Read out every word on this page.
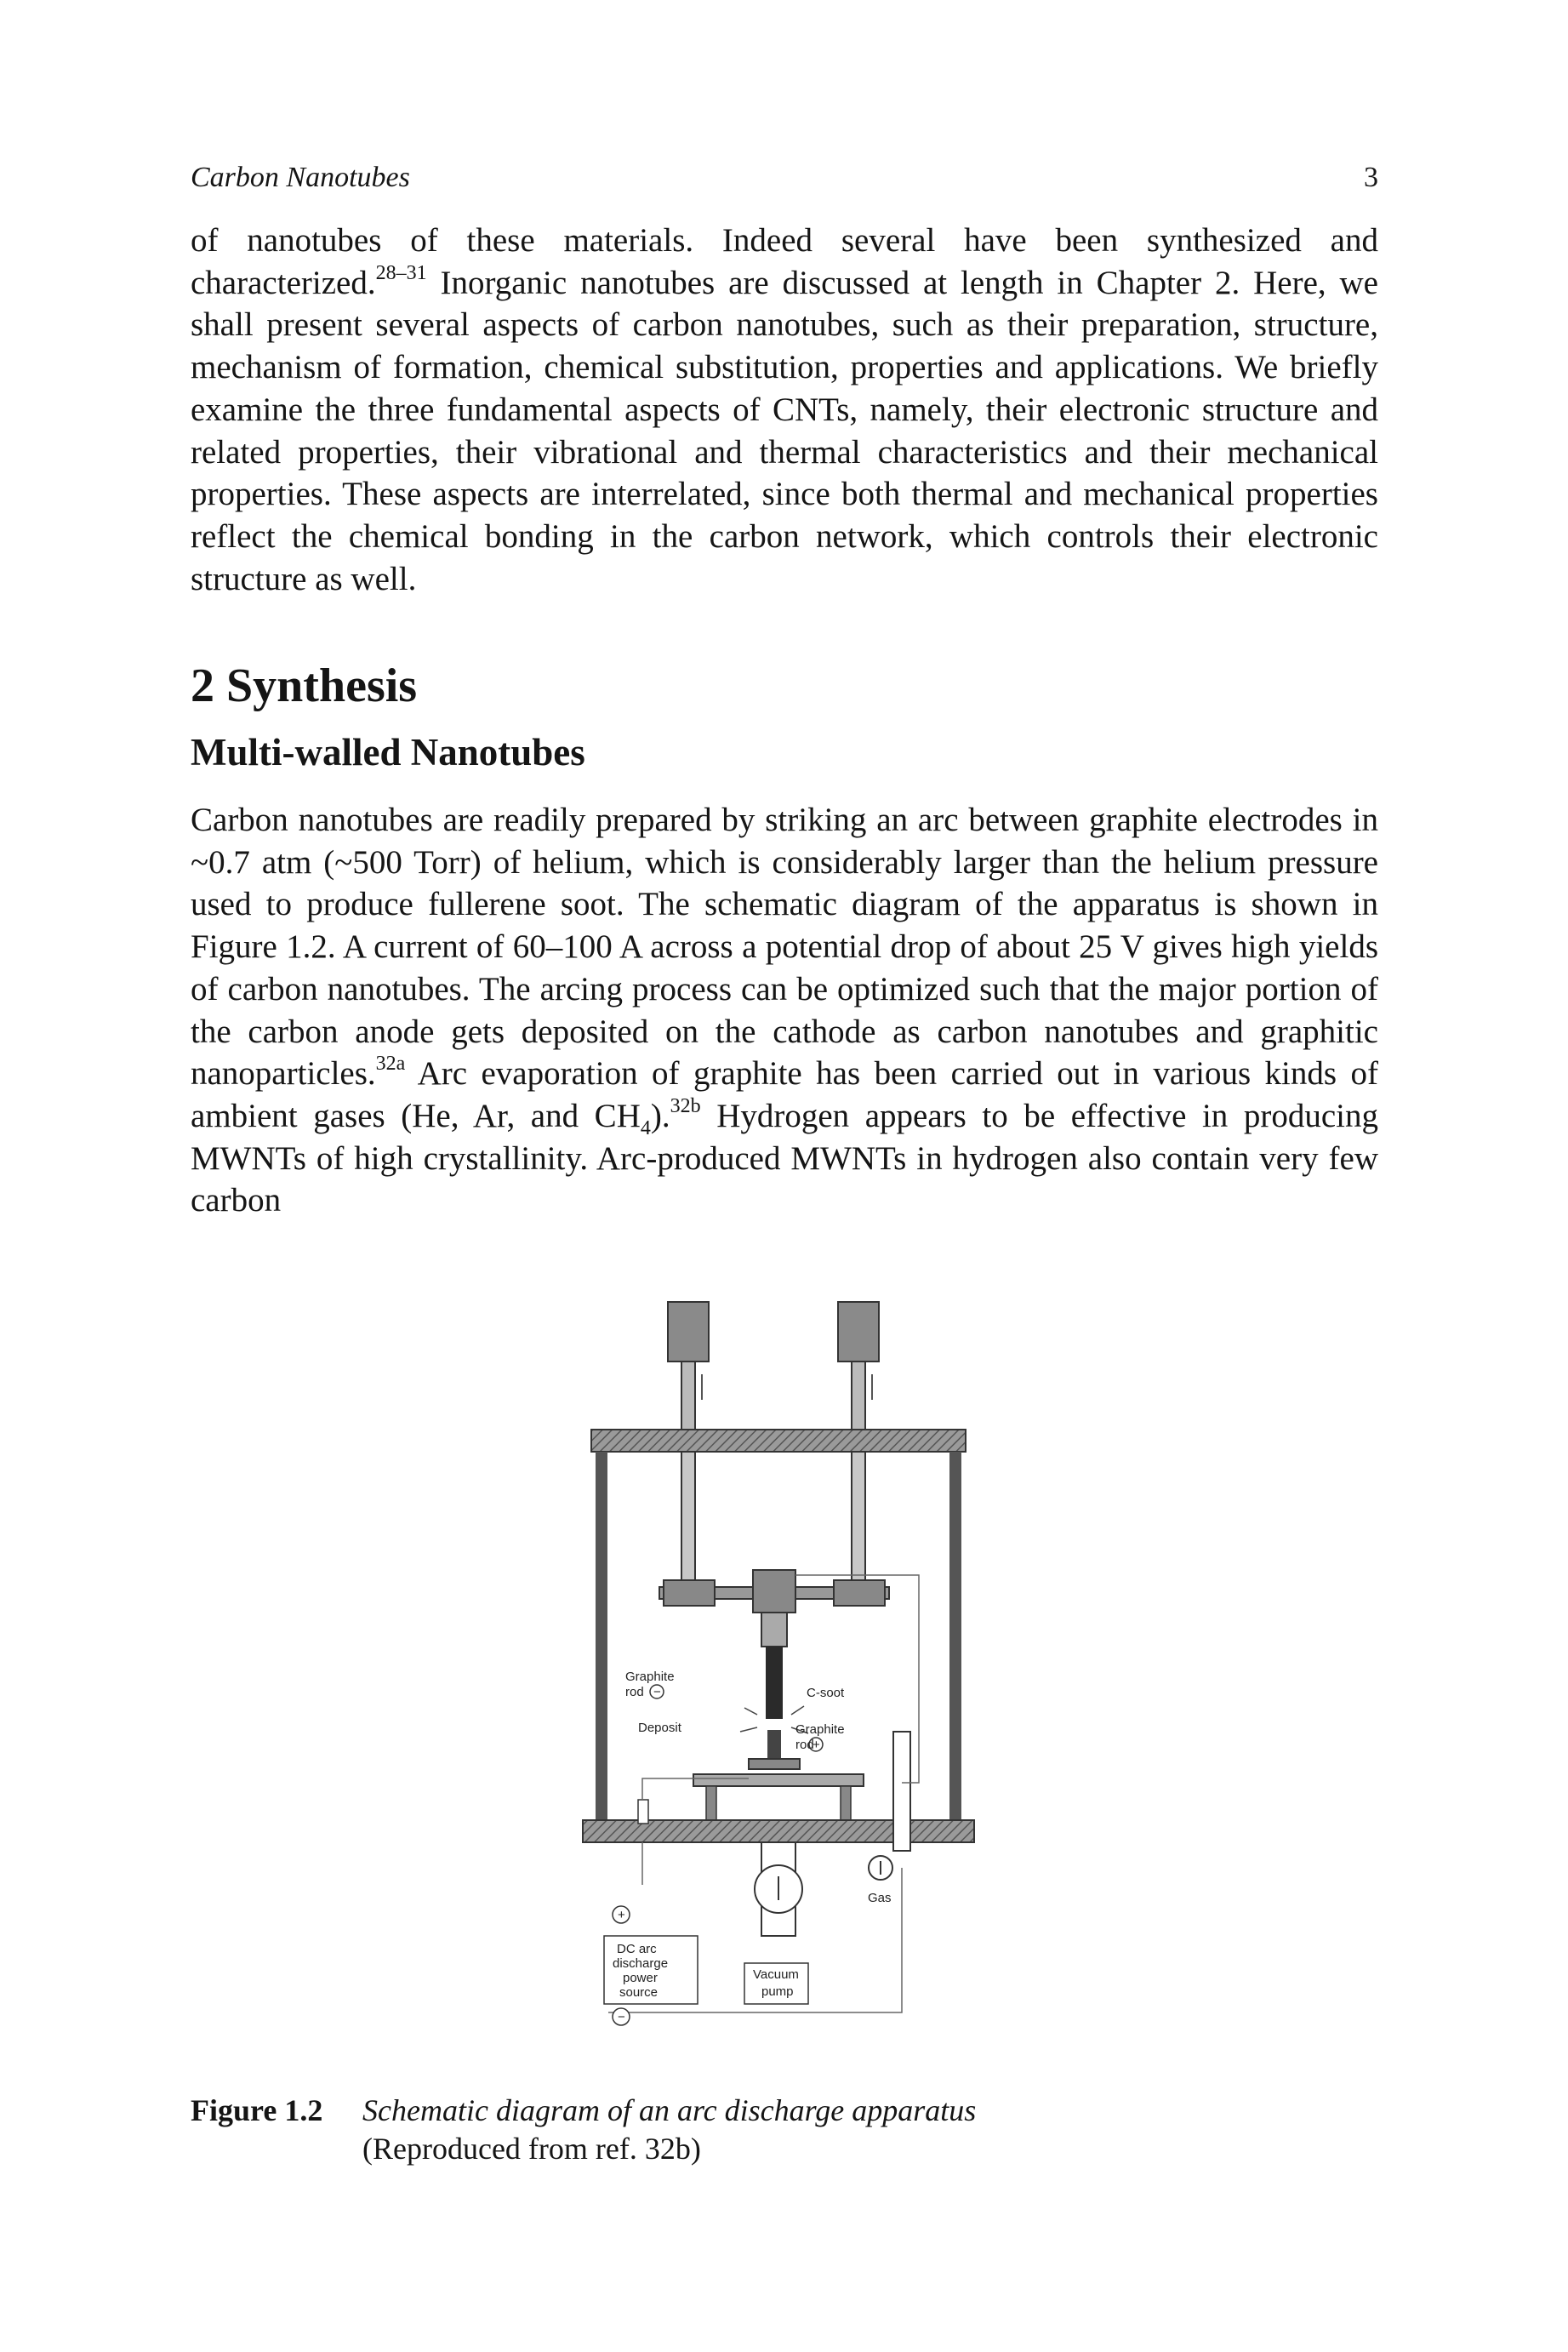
Carbon Nanotubes	3

of nanotubes of these materials. Indeed several have been synthesized and characterized.$^{28-31}$ Inorganic nanotubes are discussed at length in Chapter 2. Here, we shall present several aspects of carbon nanotubes, such as their preparation, structure, mechanism of formation, chemical substitution, properties and applications. We briefly examine the three fundamental aspects of CNTs, namely, their electronic structure and related properties, their vibrational and thermal characteristics and their mechanical properties. These aspects are interrelated, since both thermal and mechanical properties reflect the chemical bonding in the carbon network, which controls their electronic structure as well.

2 Synthesis
Multi-walled Nanotubes

Carbon nanotubes are readily prepared by striking an arc between graphite electrodes in ~0.7 atm (~500 Torr) of helium, which is considerably larger than the helium pressure used to produce fullerene soot. The schematic diagram of the apparatus is shown in Figure 1.2. A current of 60–100 A across a potential drop of about 25 V gives high yields of carbon nanotubes. The arcing process can be optimized such that the major portion of the carbon anode gets deposited on the cathode as carbon nanotubes and graphitic nanoparticles.$^{32a}$ Arc evaporation of graphite has been carried out in various kinds of ambient gases (He, Ar, and $CH_4).^{32b}$ Hydrogen appears to be effective in producing MWNTs of high crystallinity. Arc-produced MWNTs in hydrogen also contain very few carbon

Graphite
rod −	C-soot
Deposit	Graphite
rod
+
Gas
+
−
DC arc
discharge
power
source
Vacuum
pump
Figure 1.2 Schematic diagram of an arc discharge apparatus
(Reproduced from ref. 32b)
